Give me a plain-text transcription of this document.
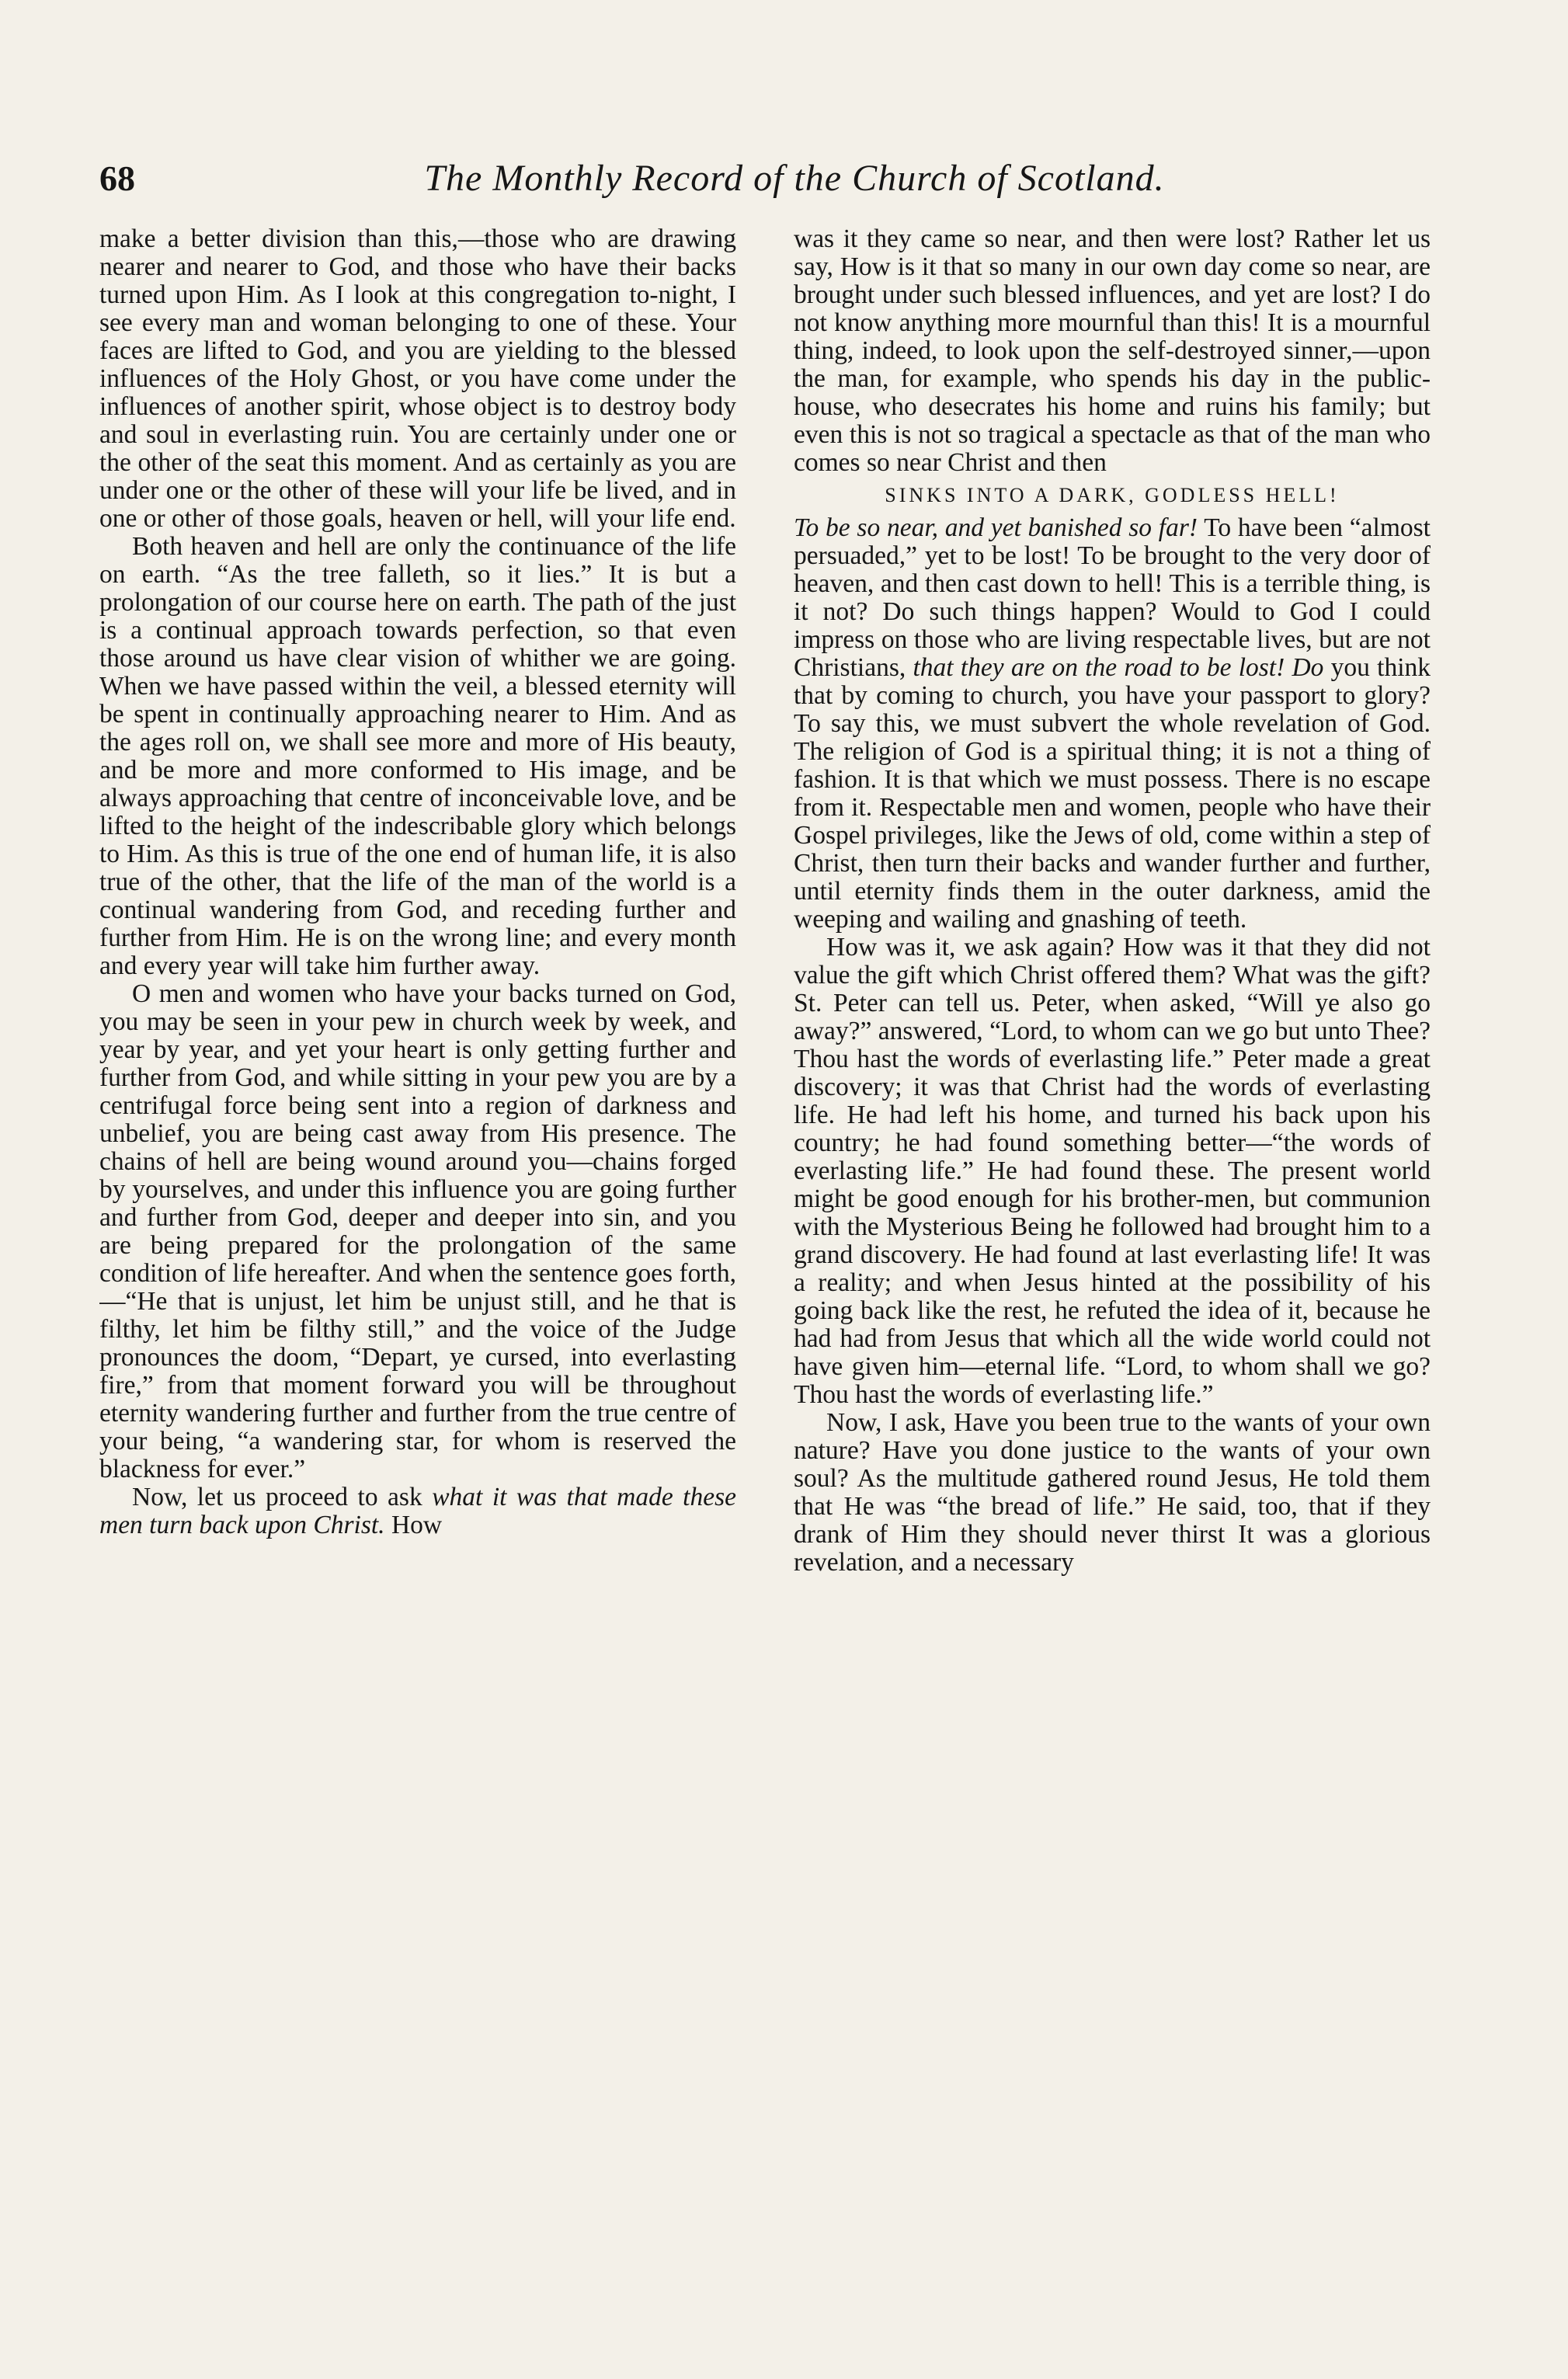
68	The Monthly Record of the Church of Scotland.

make a better division than this,—those who are drawing nearer and nearer to God, and those who have their backs turned upon Him. As I look at this congregation to-night, I see every man and woman belonging to one of these. Your faces are lifted to God, and you are yielding to the blessed influences of the Holy Ghost, or you have come under the influences of another spirit, whose object is to destroy body and soul in everlasting ruin. You are certainly under one or the other of the seat this moment. And as certainly as you are under one or the other of these will your life be lived, and in one or other of those goals, heaven or hell, will your life end.

Both heaven and hell are only the continuance of the life on earth. “As the tree falleth, so it lies.” It is but a prolongation of our course here on earth. The path of the just is a continual approach towards perfection, so that even those around us have clear vision of whither we are going. When we have passed within the veil, a blessed eternity will be spent in continually approaching nearer to Him. And as the ages roll on, we shall see more and more of His beauty, and be more and more conformed to His image, and be always approaching that centre of inconceivable love, and be lifted to the height of the indescribable glory which belongs to Him. As this is true of the one end of human life, it is also true of the other, that the life of the man of the world is a continual wandering from God, and receding further and further from Him. He is on the wrong line; and every month and every year will take him further away.

O men and women who have your backs turned on God, you may be seen in your pew in church week by week, and year by year, and yet your heart is only getting further and further from God, and while sitting in your pew you are by a centrifugal force being sent into a region of darkness and unbelief, you are being cast away from His presence. The chains of hell are being wound around you—chains forged by yourselves, and under this influence you are going further and further from God, deeper and deeper into sin, and you are being prepared for the prolongation of the same condition of life hereafter. And when the sentence goes forth, —“He that is unjust, let him be unjust still, and he that is filthy, let him be filthy still,” and the voice of the Judge pronounces the doom, “Depart, ye cursed, into everlasting fire,” from that moment forward you will be throughout eternity wandering further and further from the true centre of your being, “a wandering star, for whom is reserved the blackness for ever.”

Now, let us proceed to ask what it was that made these men turn back upon Christ. How

was it they came so near, and then were lost? Rather let us say, How is it that so many in our own day come so near, are brought under such blessed influences, and yet are lost? I do not know anything more mournful than this! It is a mournful thing, indeed, to look upon the self-destroyed sinner,—upon the man, for example, who spends his day in the public-house, who desecrates his home and ruins his family; but even this is not so tragical a spectacle as that of the man who comes so near Christ and then

SINKS INTO A DARK, GODLESS HELL!

To be so near, and yet banished so far! To have been “almost persuaded,” yet to be lost! To be brought to the very door of heaven, and then cast down to hell! This is a terrible thing, is it not? Do such things happen? Would to God I could impress on those who are living respectable lives, but are not Christians, that they are on the road to be lost! Do you think that by coming to church, you have your passport to glory? To say this, we must subvert the whole revelation of God. The religion of God is a spiritual thing; it is not a thing of fashion. It is that which we must possess. There is no escape from it. Respectable men and women, people who have their Gospel privileges, like the Jews of old, come within a step of Christ, then turn their backs and wander further and further, until eternity finds them in the outer darkness, amid the weeping and wailing and gnashing of teeth.

How was it, we ask again? How was it that they did not value the gift which Christ offered them? What was the gift? St. Peter can tell us. Peter, when asked, “Will ye also go away?” answered, “Lord, to whom can we go but unto Thee? Thou hast the words of everlasting life.” Peter made a great discovery; it was that Christ had the words of everlasting life. He had left his home, and turned his back upon his country; he had found something better—“the words of everlasting life.” He had found these. The present world might be good enough for his brother-men, but communion with the Mysterious Being he followed had brought him to a grand discovery. He had found at last everlasting life! It was a reality; and when Jesus hinted at the possibility of his going back like the rest, he refuted the idea of it, because he had had from Jesus that which all the wide world could not have given him—eternal life. “Lord, to whom shall we go? Thou hast the words of everlasting life.”

Now, I ask, Have you been true to the wants of your own nature? Have you done justice to the wants of your own soul? As the multitude gathered round Jesus, He told them that He was “the bread of life.” He said, too, that if they drank of Him they should never thirst It was a glorious revelation, and a necessary
